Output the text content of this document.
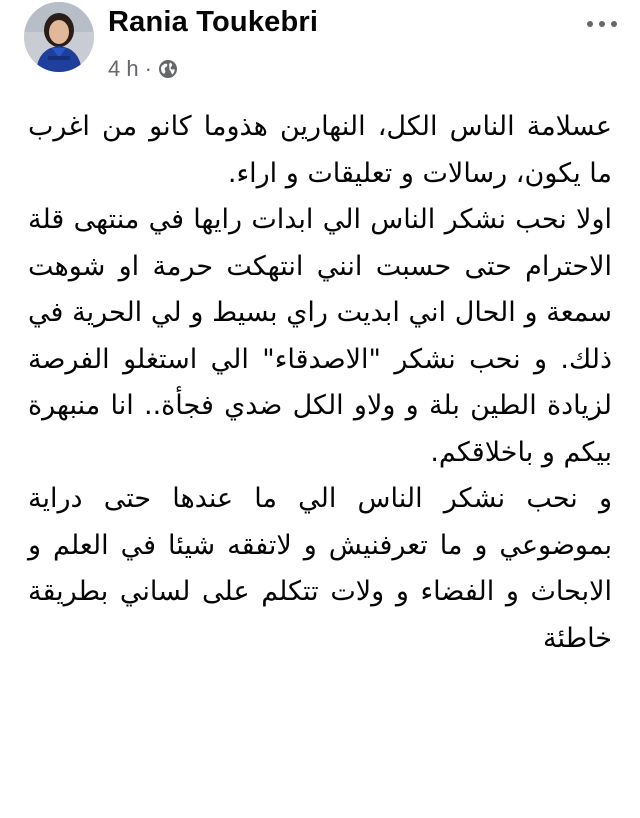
Rania Toukebri
4 h ·

عسلامة الناس الكل، النهارين هذوما كانو من اغرب ما يكون، رسالات و تعليقات و اراء.

اولا نحب نشكر الناس الي ابدات رايها في منتهى قلة الاحترام حتى حسبت انني انتهكت حرمة او شوهت سمعة و الحال اني ابديت راي بسيط و لي الحرية في ذلك. و نحب نشكر "الاصدقاء" الي استغلو الفرصة لزيادة الطين بلة و ولاو الكل ضدي فجأة.. انا منبهرة بيكم و باخلاقكم.

و نحب نشكر الناس الي ما عندها حتى دراية بموضوعي و ما تعرفنيش و لاتفقه شيئا في العلم و الابحاث و الفضاء و ولات تتكلم على لساني بطريقة خاطئة
